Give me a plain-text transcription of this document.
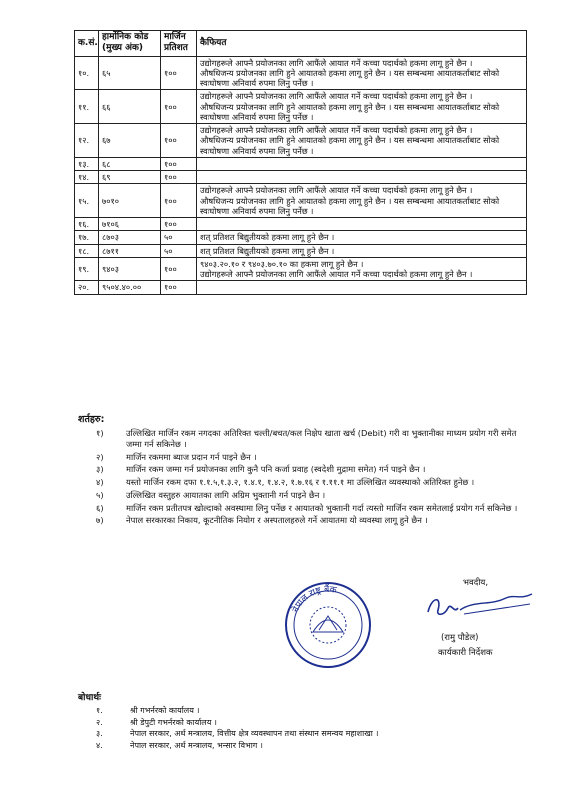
क.सं.	हार्मोनिक कोड (मुख्य अंक)	मार्जिन प्रतिशत	कैफियत
१०.	६५	१००	उद्योगहरूले आफ्नै प्रयोजनका लागि आफैंले आयात गर्ने कच्चा पदार्थको हकमा लागू हुने छैन ।
औषधिजन्य प्रयोजनका लागि हुने आयातको हकमा लागू हुने छैन । यस सम्बन्धमा आयातकर्ताबाट सोको स्वःघोषणा अनिवार्य रुपमा लिनु पर्नेछ ।

११.	६६	१००	उद्योगहरूले आफ्नै प्रयोजनका लागि आफैंले आयात गर्ने कच्चा पदार्थको हकमा लागू हुने छैन ।
औषधिजन्य प्रयोजनका लागि हुने आयातको हकमा लागू हुने छैन । यस सम्बन्धमा आयातकर्ताबाट सोको स्वःघोषणा अनिवार्य रुपमा लिनु पर्नेछ ।

१२.	६७	१००	उद्योगहरूले आफ्नै प्रयोजनका लागि आफैंले आयात गर्ने कच्चा पदार्थको हकमा लागू हुने छैन ।
औषधिजन्य प्रयोजनका लागि हुने आयातको हकमा लागू हुने छैन । यस सम्बन्धमा आयातकर्ताबाट सोको स्वःघोषणा अनिवार्य रुपमा लिनु पर्नेछ ।

१३.	६८	१००	
१४.	६९	१००	
१५.	७०१०	१००	उद्योगहरूले आफ्नै प्रयोजनका लागि आफैंले आयात गर्ने कच्चा पदार्थको हकमा लागू हुने छैन ।
औषधिजन्य प्रयोजनका लागि हुने आयातको हकमा लागू हुने छैन । यस सम्बन्धमा आयातकर्ताबाट सोको स्वःघोषणा अनिवार्य रुपमा लिनु पर्नेछ ।

१६.	७१०६	१००	
१७.	८७०३	५०	शत् प्रतिशत बिद्युतीयको हकमा लागू हुने छैन ।

१८.	८७११	५०	शत् प्रतिशत बिद्युतीयको हकमा लागू हुने छैन ।

१९.	९४०३	१००	९४०३.२०.१० र ९४०३.७०.१० का हकमा लागू हुने छैन ।
उद्योगहरूले आफ्नै प्रयोजनका लागि आफैंले आयात गर्ने कच्चा पदार्थको हकमा लागू हुने छैन ।

२०.	९५०४.४०.००	१००	
शर्तहरु:
१)	उल्लिखित मार्जिन रकम नगदका अतिरिक्त चल्ती/बचत/कल निक्षेप खाता खर्च (Debit) गरी वा भुक्तानीका माध्यम प्रयोग गरी समेत जम्मा गर्न सकिनेछ ।
२)	मार्जिन रकममा ब्याज प्रदान गर्न पाइने छैन ।
३)	मार्जिन रकम जम्मा गर्न प्रयोजनका लागि कुनै पनि कर्जा प्रवाह (स्वदेशी मुद्रामा समेत) गर्न पाइने छैन ।
४)	यस्तो मार्जिन रकम दफा १.१.५,१.३.२, १.४.१, १.४.२, १.७.१६ र १.११.१ मा उल्लिखित व्यवस्थाको अतिरिक्त हुनेछ ।
५)	उल्लिखित वस्तुहरु आयातका लागि अग्रिम भुक्तानी गर्न पाइने छैन ।
६)	मार्जिन रकम प्रतीतपत्र खोल्दाको अवस्थामा लिनु पर्नेछ र आयातको भुक्तानी गर्दा त्यस्तो मार्जिन रकम समेतलाई प्रयोग गर्न सकिनेछ ।
७)	नेपाल सरकारका निकाय, कूटनीतिक नियोग र अस्पतालहरुले गर्ने आयातमा यो व्यवस्था लागू हुने छैन ।
नेपाल राष्ट्र बैंक
भवदीय,
(रामु पौडेल)
कार्यकारी निर्देशक
बोधार्थः
१.	श्री गभर्नरको कार्यालय ।
२.	श्री डेपुटी गभर्नरको कार्यालय ।
३.	नेपाल सरकार, अर्थ मन्त्रालय, वित्तीय क्षेत्र व्यवस्थापन तथा संस्थान समन्वय महाशाखा ।
४.	नेपाल सरकार, अर्थ मन्त्रालय, भन्सार विभाग ।
